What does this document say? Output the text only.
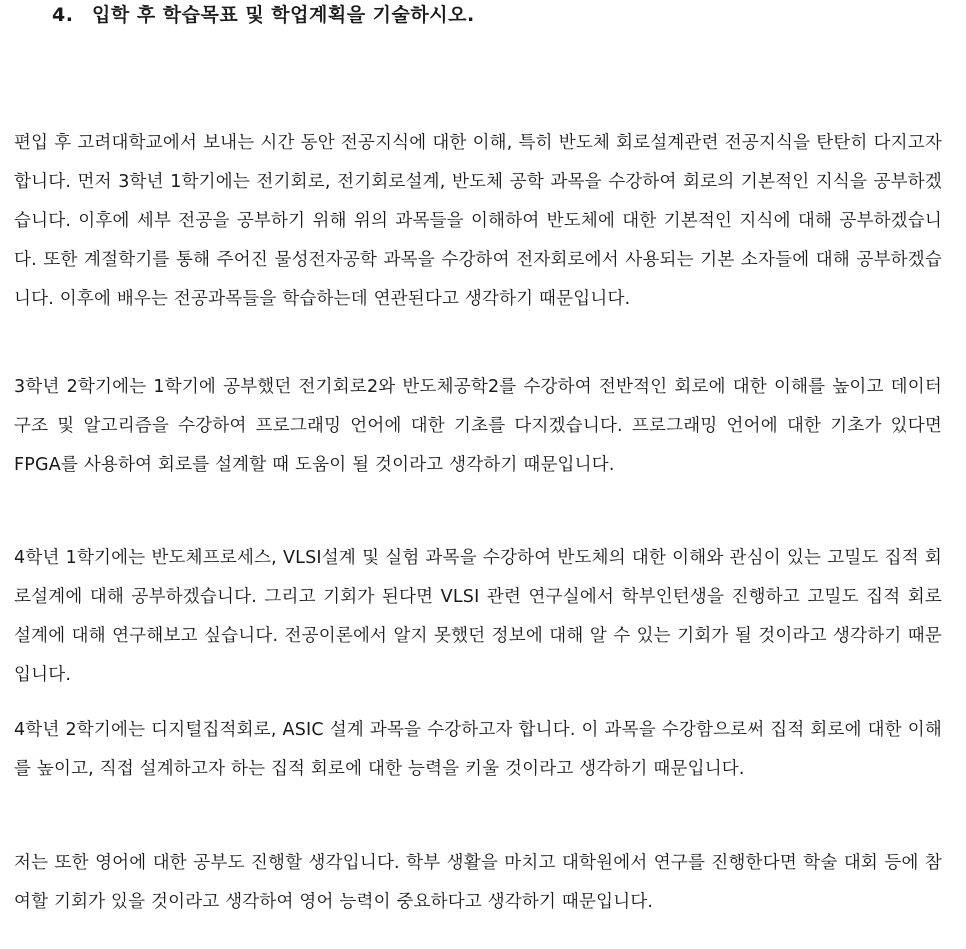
4. 입학 후 학습목표 및 학업계획을 기술하시오.

편입 후 고려대학교에서 보내는 시간 동안 전공지식에 대한 이해, 특히 반도체 회로설계관련 전공지식을 탄탄히 다지고자 합니다. 먼저 3학년 1학기에는 전기회로, 전기회로설계, 반도체 공학 과목을 수강하여 회로의 기본적인 지식을 공부하겠습니다. 이후에 세부 전공을 공부하기 위해 위의 과목들을 이해하여 반도체에 대한 기본적인 지식에 대해 공부하겠습니다. 또한 계절학기를 통해 주어진 물성전자공학 과목을 수강하여 전자회로에서 사용되는 기본 소자들에 대해 공부하겠습니다. 이후에 배우는 전공과목들을 학습하는데 연관된다고 생각하기 때문입니다.

3학년 2학기에는 1학기에 공부했던 전기회로2와 반도체공학2를 수강하여 전반적인 회로에 대한 이해를 높이고 데이터 구조 및 알고리즘을 수강하여 프로그래밍 언어에 대한 기초를 다지겠습니다. 프로그래밍 언어에 대한 기초가 있다면 FPGA를 사용하여 회로를 설계할 때 도움이 될 것이라고 생각하기 때문입니다.

4학년 1학기에는 반도체프로세스, VLSI설계 및 실험 과목을 수강하여 반도체의 대한 이해와 관심이 있는 고밀도 집적 회로설계에 대해 공부하겠습니다. 그리고 기회가 된다면 VLSI 관련 연구실에서 학부인턴생을 진행하고 고밀도 집적 회로 설계에 대해 연구해보고 싶습니다. 전공이론에서 알지 못했던 정보에 대해 알 수 있는 기회가 될 것이라고 생각하기 때문입니다.

4학년 2학기에는 디지털집적회로, ASIC 설계 과목을 수강하고자 합니다. 이 과목을 수강함으로써 집적 회로에 대한 이해를 높이고, 직접 설계하고자 하는 집적 회로에 대한 능력을 키울 것이라고 생각하기 때문입니다.

저는 또한 영어에 대한 공부도 진행할 생각입니다. 학부 생활을 마치고 대학원에서 연구를 진행한다면 학술 대회 등에 참여할 기회가 있을 것이라고 생각하여 영어 능력이 중요하다고 생각하기 때문입니다.
